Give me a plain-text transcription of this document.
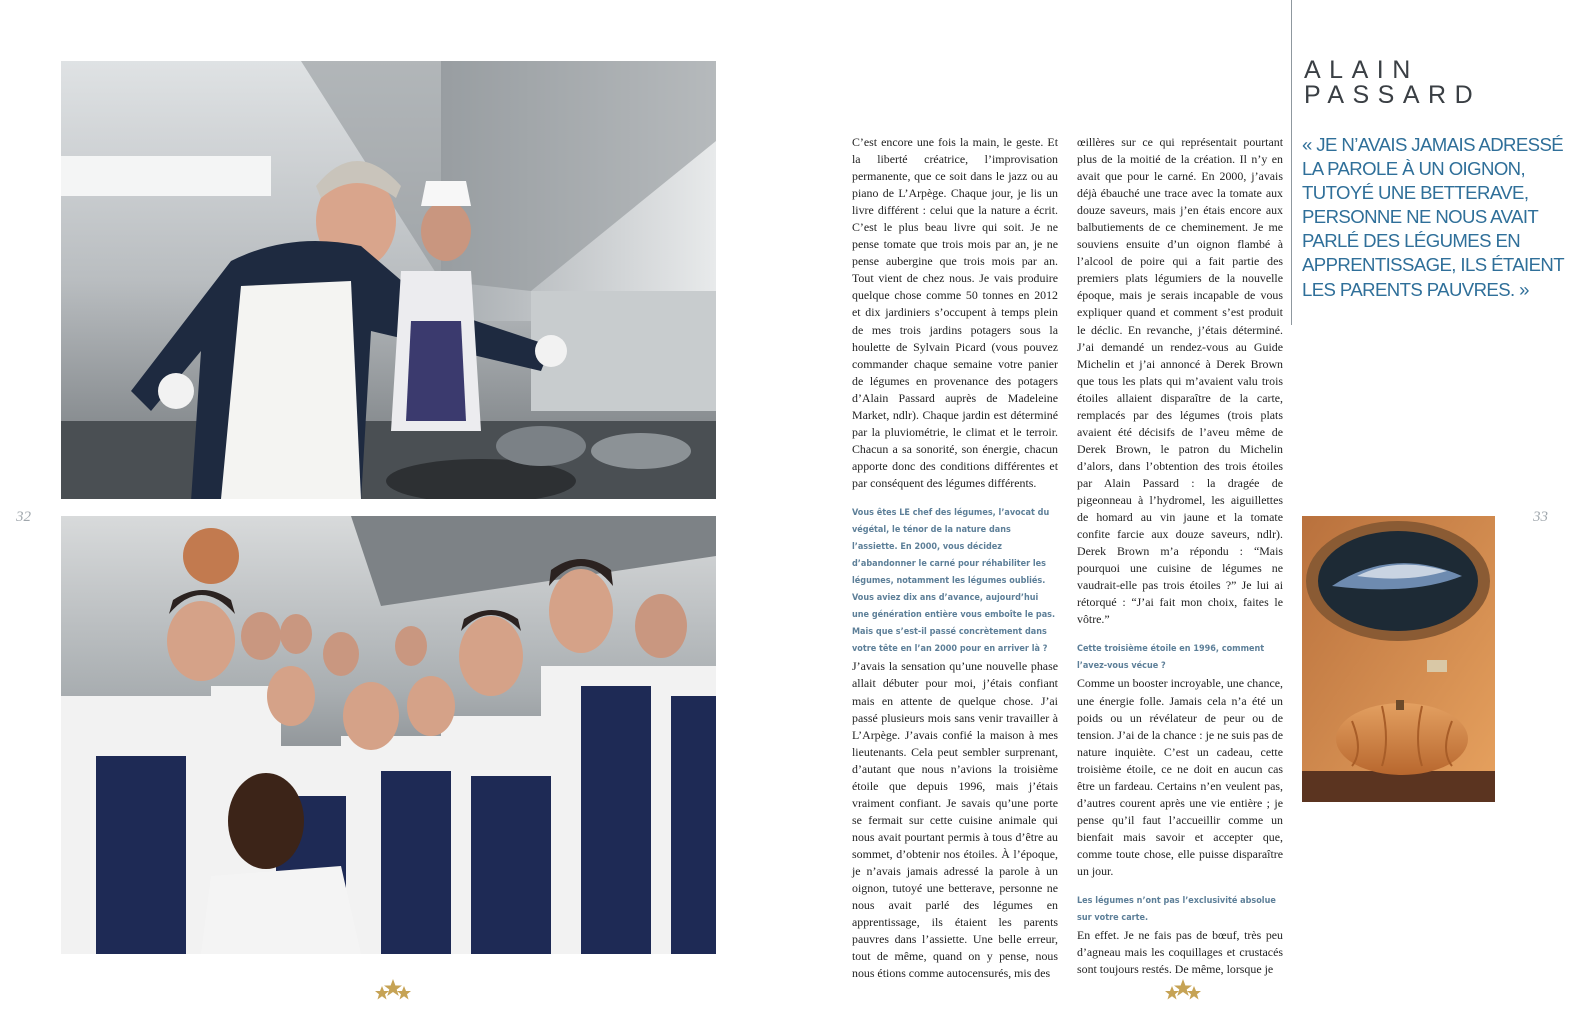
32	33

C’est encore une fois la main, le geste. Et la liberté créatrice, l’improvisation permanente, que ce soit dans le jazz ou au piano de L’Arpège. Chaque jour, je lis un livre différent : celui que la nature a écrit. C’est le plus beau livre qui soit. Je ne pense tomate que trois mois par an, je ne pense aubergine que trois mois par an. Tout vient de chez nous. Je vais produire quelque chose comme 50 tonnes en 2012 et dix jardiniers s’occupent à temps plein de mes trois jardins potagers sous la houlette de Sylvain Picard (vous pouvez commander chaque semaine votre panier de légumes en provenance des potagers d’Alain Passard auprès de Madeleine Market, ndlr). Chaque jardin est déterminé par la pluviométrie, le climat et le terroir. Chacun a sa sonorité, son énergie, chacun apporte donc des conditions différentes et par conséquent des légumes différents.

Vous êtes LE chef des légumes, l’avocat du végétal, le ténor de la nature dans l’assiette. En 2000, vous décidez d’abandonner le carné pour réhabiliter les légumes, notamment les légumes oubliés. Vous aviez dix ans d’avance, aujourd’hui une génération entière vous emboîte le pas. Mais que s’est-il passé concrètement dans votre tête en l’an 2000 pour en arriver là ?

J’avais la sensation qu’une nouvelle phase allait débuter pour moi, j’étais confiant mais en attente de quelque chose. J’ai passé plusieurs mois sans venir travailler à L’Arpège. J’avais confié la maison à mes lieutenants. Cela peut sembler surprenant, d’autant que nous n’avions la troisième étoile que depuis 1996, mais j’étais vraiment confiant. Je savais qu’une porte se fermait sur cette cuisine animale qui nous avait pourtant permis à tous d’être au sommet, d’obtenir nos étoiles. À l’époque, je n’avais jamais adressé la parole à un oignon, tutoyé une betterave, personne ne nous avait parlé des légumes en apprentissage, ils étaient les parents pauvres dans l’assiette. Une belle erreur, tout de même, quand on y pense, nous nous étions comme autocensurés, mis des

œillères sur ce qui représentait pourtant plus de la moitié de la création. Il n’y en avait que pour le carné. En 2000, j’avais déjà ébauché une trace avec la tomate aux douze saveurs, mais j’en étais encore aux balbutiements de ce cheminement. Je me souviens ensuite d’un oignon flambé à l’alcool de poire qui a fait partie des premiers plats légumiers de la nouvelle époque, mais je serais incapable de vous expliquer quand et comment s’est produit le déclic. En revanche, j’étais déterminé. J’ai demandé un rendez-vous au Guide Michelin et j’ai annoncé à Derek Brown que tous les plats qui m’avaient valu trois étoiles allaient disparaître de la carte, remplacés par des légumes (trois plats avaient été décisifs de l’aveu même de Derek Brown, le patron du Michelin d’alors, dans l’obtention des trois étoiles par Alain Passard : la dragée de pigeonneau à l’hydromel, les aiguillettes de homard au vin jaune et la tomate confite farcie aux douze saveurs, ndlr). Derek Brown m’a répondu : “Mais pourquoi une cuisine de légumes ne vaudrait-elle pas trois étoiles ?” Je lui ai rétorqué : “J’ai fait mon choix, faites le vôtre.”

Cette troisième étoile en 1996, comment l’avez-vous vécue ?

Comme un booster incroyable, une chance, une énergie folle. Jamais cela n’a été un poids ou un révélateur de peur ou de tension. J’ai de la chance : je ne suis pas de nature inquiète. C’est un cadeau, cette troisième étoile, ce ne doit en aucun cas être un fardeau. Certains n’en veulent pas, d’autres courent après une vie entière ; je pense qu’il faut l’accueillir comme un bienfait mais savoir et accepter que, comme toute chose, elle puisse disparaître un jour.

Les légumes n’ont pas l’exclusivité absolue sur votre carte.

En effet. Je ne fais pas de bœuf, très peu d’agneau mais les coquillages et crustacés sont toujours restés. De même, lorsque je

ALAIN
PASSARD
« JE N’AVAIS JAMAIS ADRESSÉ LA PAROLE À UN OIGNON, TUTOYÉ UNE BETTERAVE, PERSONNE NE NOUS AVAIT PARLÉ DES LÉGUMES EN APPRENTISSAGE, ILS ÉTAIENT LES PARENTS PAUVRES. »
